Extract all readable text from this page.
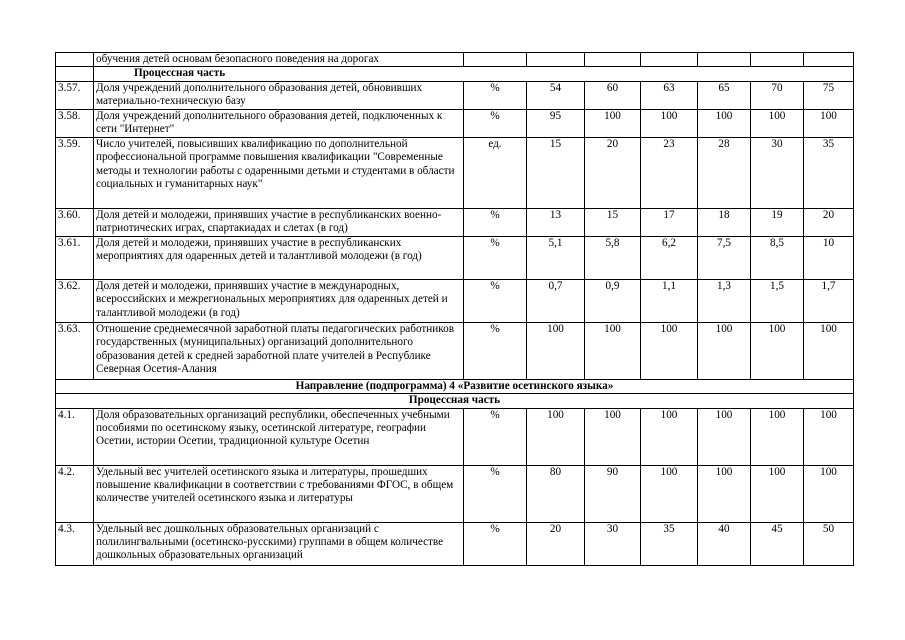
	обучения детей основам безопасного поведения на дорогах							
	Процессная часть							
3.57.	Доля учреждений дополнительного образования детей, обновивших материально-техническую базу	%	54	60	63	65	70	75
3.58.	Доля учреждений дополнительного образования детей, подключенных к сети "Интернет"	%	95	100	100	100	100	100
3.59.	Число учителей, повысивших квалификацию по дополнительной профессиональной программе повышения квалификации "Современные методы и технологии работы с одаренными детьми и студентами в области социальных и гуманитарных наук"	ед.	15	20	23	28	30	35
3.60.	Доля детей и молодежи, принявших участие в республиканских военно-патриотических играх, спартакиадах и слетах (в год)	%	13	15	17	18	19	20
3.61.	Доля детей и молодежи, принявших участие в республиканских мероприятиях для одаренных детей и талантливой молодежи (в год)	%	5,1	5,8	6,2	7,5	8,5	10
3.62.	Доля детей и молодежи, принявших участие в международных, всероссийских и межрегиональных мероприятиях для одаренных детей и талантливой молодежи (в год)	%	0,7	0,9	1,1	1,3	1,5	1,7
3.63.	Отношение среднемесячной заработной платы педагогических работников государственных (муниципальных) организаций дополнительного образования детей к средней заработной плате учителей в Республике Северная Осетия-Алания	%	100	100	100	100	100	100
Направление (подпрограмма) 4 «Развитие осетинского языка»								
Процессная часть								
4.1.	Доля образовательных организаций республики, обеспеченных учебными пособиями по осетинскому языку, осетинской литературе, географии Осетии, истории Осетии, традиционной культуре Осетин	%	100	100	100	100	100	100
4.2.	Удельный вес учителей осетинского языка и литературы, прошедших повышение квалификации в соответствии с требованиями ФГОС, в общем количестве учителей осетинского языка и литературы	%	80	90	100	100	100	100
4.3.	Удельный вес дошкольных образовательных организаций с полилингвальными (осетинско-русскими) группами в общем количестве дошкольных образовательных организаций	%	20	30	35	40	45	50
